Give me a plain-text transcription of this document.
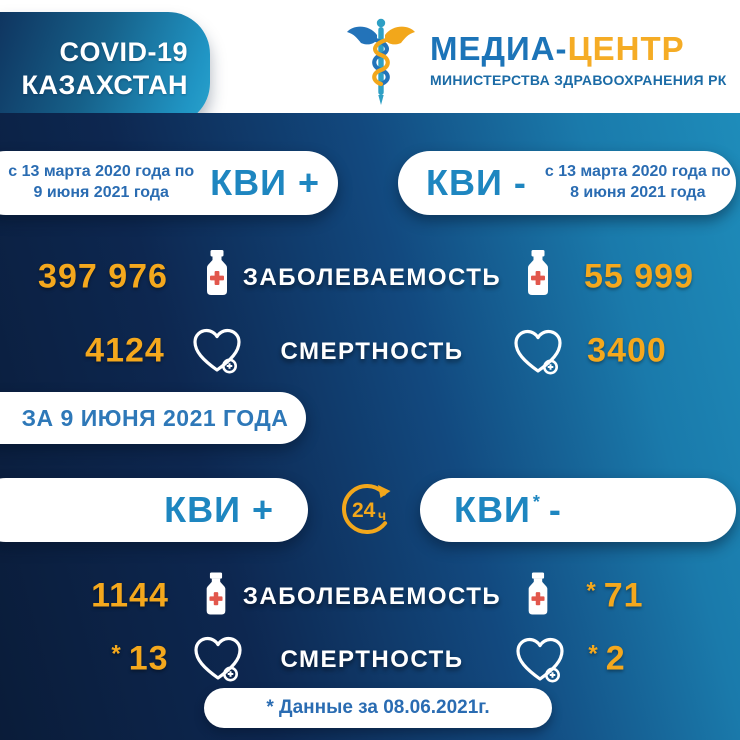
COVID-19
КАЗАХСТАН
МЕДИА-ЦЕНТР
МИНИСТЕРСТВА ЗДРАВООХРАНЕНИЯ РК
с 13 марта 2020 года по
9 июня 2021 года	КВИ +	КВИ - с 13 марта 2020 года по
8 июня 2021 года
397 976	ЗАБОЛЕВАЕМОСТЬ 55 999
4124	СМЕРТНОСТЬ	3400
ЗА 9 ИЮНЯ 2021 ГОДА
КВИ +	24 ч КВИ * -
1144	ЗАБОЛЕВАЕМОСТЬ	* 71
* 13	СМЕРТНОСТЬ	* 2
* Данные за 08.06.2021г.
